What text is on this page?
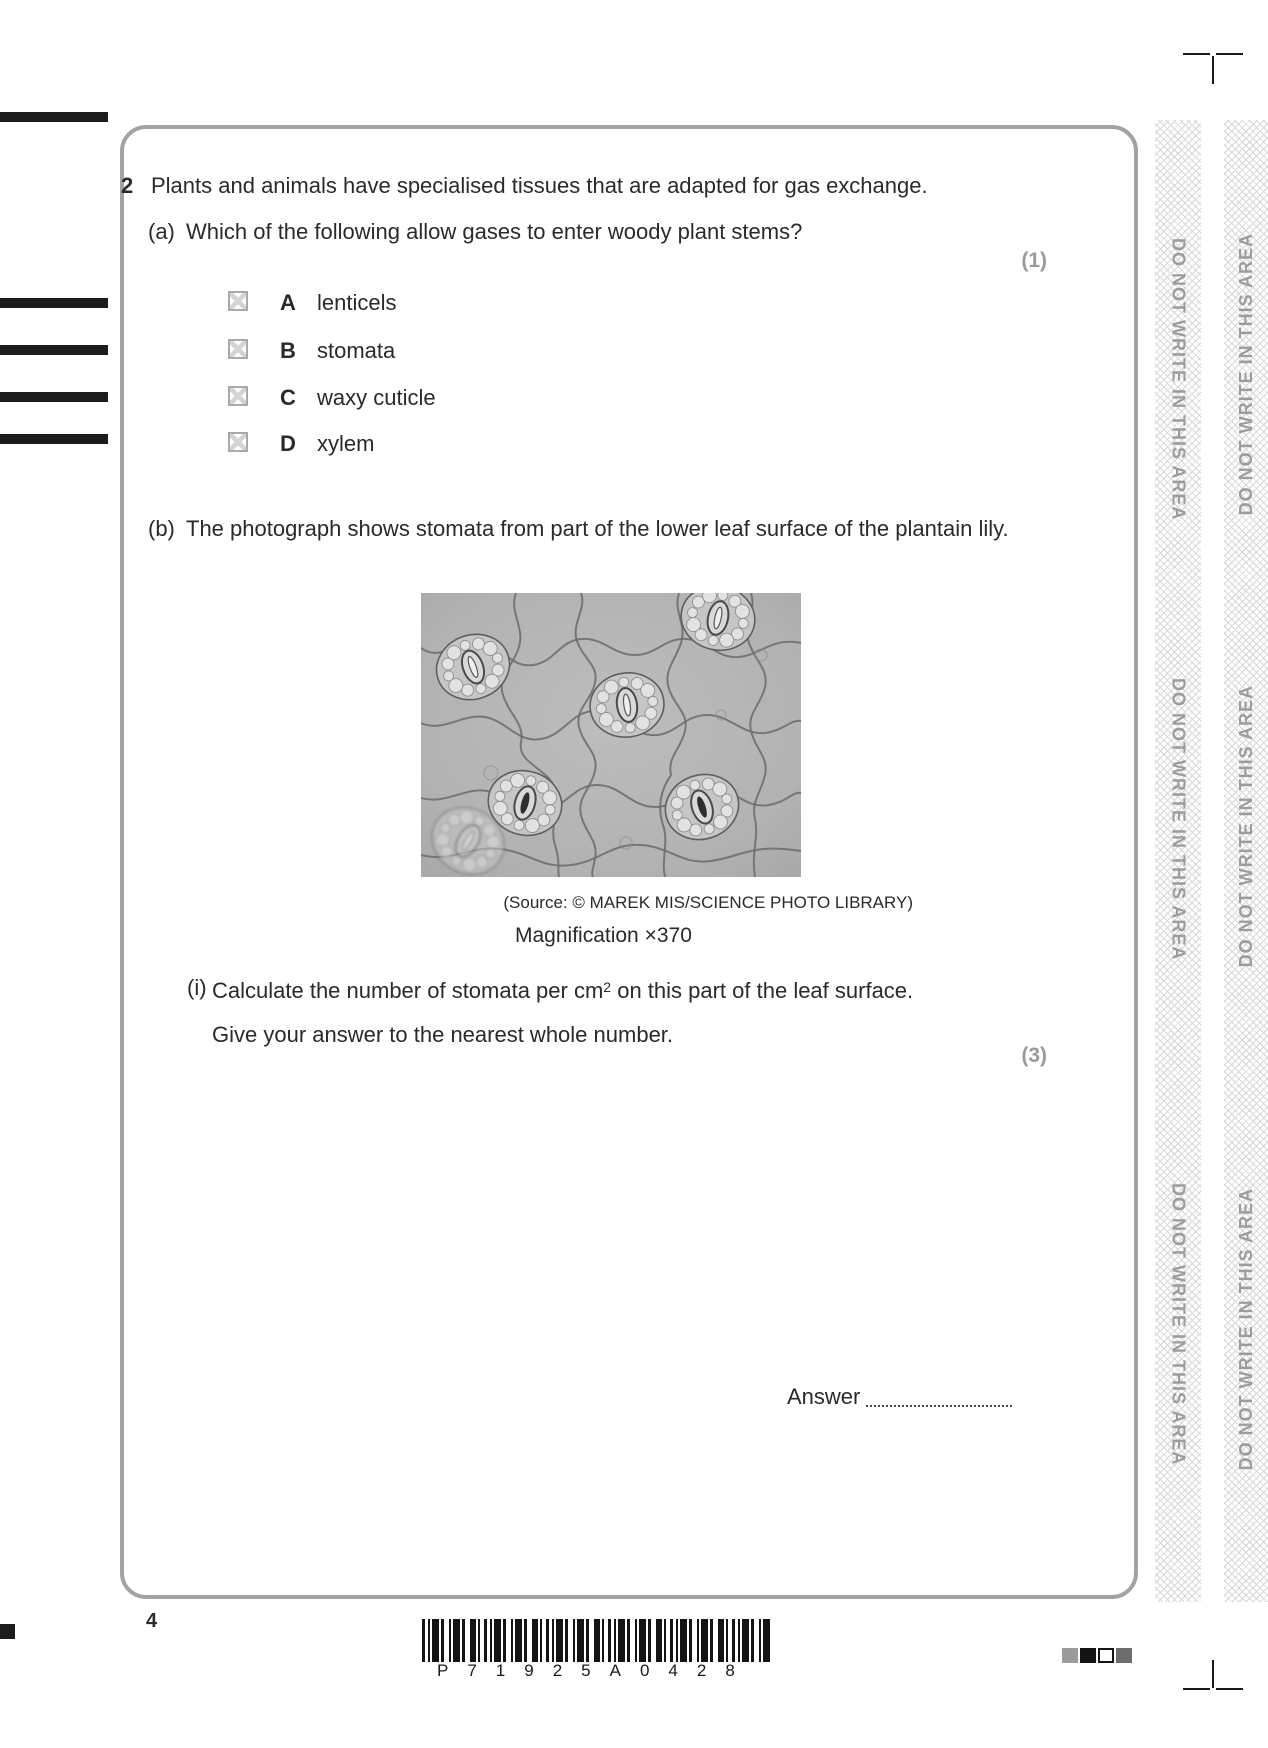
DO NOT WRITE IN THIS AREA
DO NOT WRITE IN THIS AREA
DO NOT WRITE IN THIS AREA
DO NOT WRITE IN THIS AREA
DO NOT WRITE IN THIS AREA
DO NOT WRITE IN THIS AREA
2 Plants and animals have specialised tissues that are adapted for gas exchange.
(a) Which of the following allow gases to enter woody plant stems?
(1)
A lenticels
B stomata
C waxy cuticle
D xylem
(b) The photograph shows stomata from part of the lower leaf surface of the plantain lily.
(Source: © MAREK MIS/SCIENCE PHOTO LIBRARY)
Magnification ×370
(i) Calculate the number of stomata per $cm^2$ on this part of the leaf surface.
Give your answer to the nearest whole number.
(3)
Answer
4
P71925A0428
